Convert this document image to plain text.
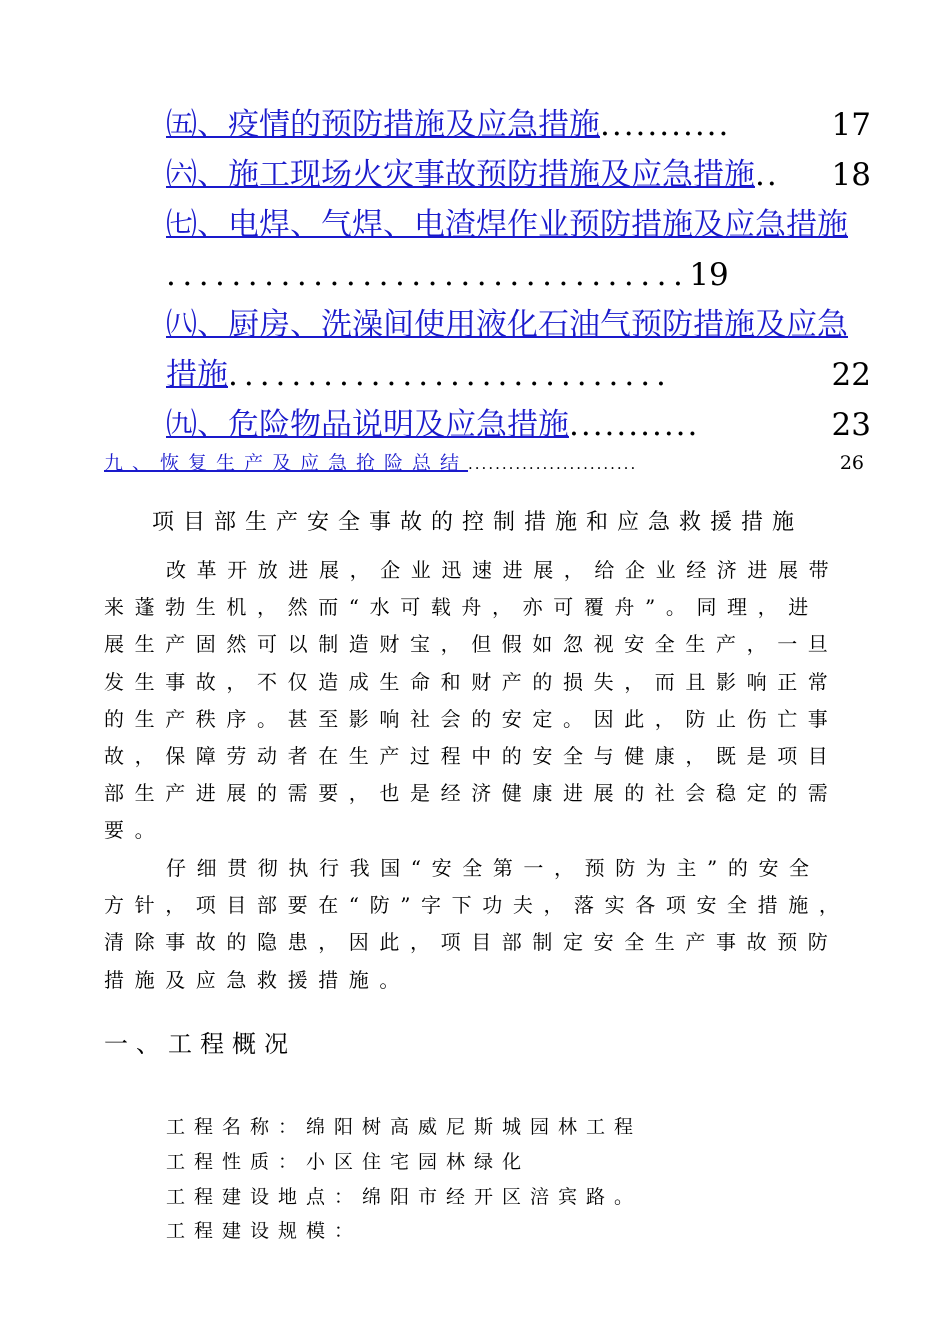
㈤、疫情的预防措施及应急措施...........	17
㈥、施工现场火灾事故预防措施及应急措施.. 18
㈦、电焊、气焊、电渣焊作业预防措施及应急措施
................................19
㈧、厨房、洗澡间使用液化石油气预防措施及应急
措施............................	22
㈨、危险物品说明及应急措施...........	23
九、恢复生产及应急抢险总结.........................	26
项目部生产安全事故的控制措施和应急救援措施
改革开放进展，企业迅速进展，给企业经济进展带
来蓬勃生机，然而“水可载舟，亦可覆舟”。同理，进
展生产固然可以制造财宝，但假如忽视安全生产，一旦
发生事故，不仅造成生命和财产的损失，而且影响正常
的生产秩序。甚至影响社会的安定。因此，防止伤亡事
故，保障劳动者在生产过程中的安全与健康，既是项目
部生产进展的需要，也是经济健康进展的社会稳定的需
要。
仔细贯彻执行我国“安全第一，预防为主”的安全
方针，项目部要在“防”字下功夫，落实各项安全措施，
清除事故的隐患，因此，项目部制定安全生产事故预防
措施及应急救援措施。
一、工程概况
工程名称：绵阳树高威尼斯城园林工程
工程性质：小区住宅园林绿化
工程建设地点：绵阳市经开区涪宾路。
工程建设规模：
